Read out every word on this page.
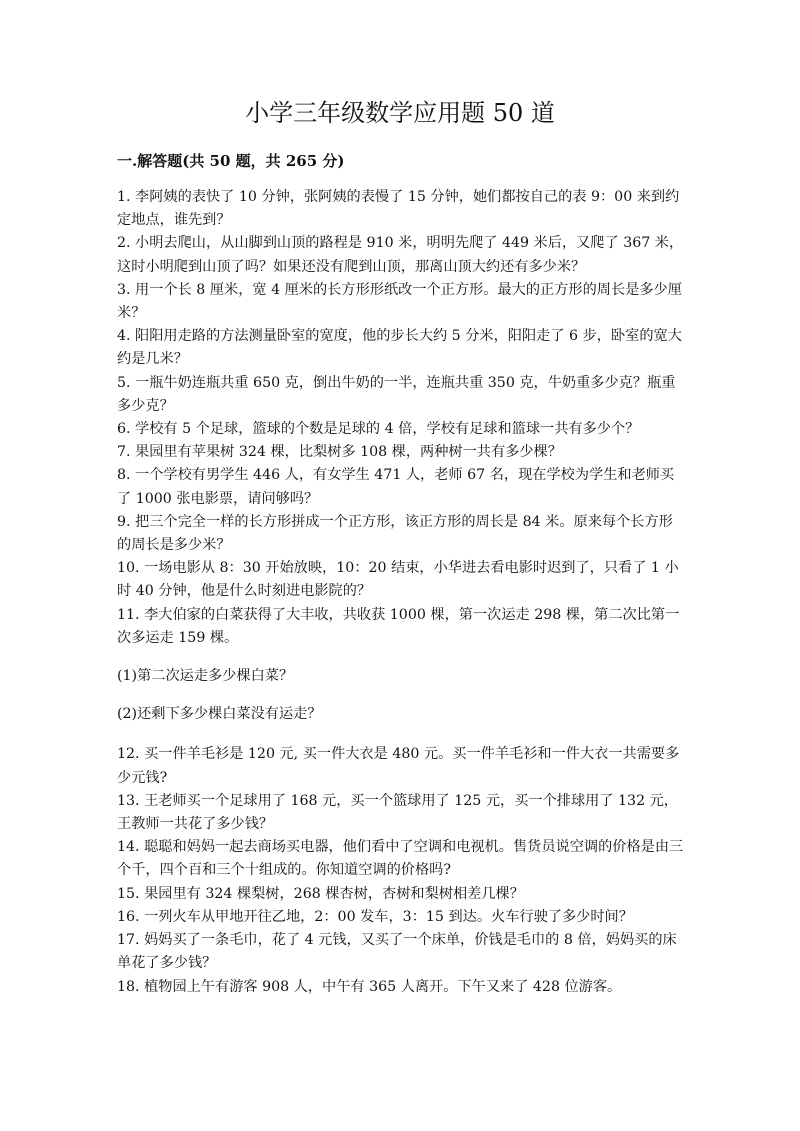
小学三年级数学应用题 50 道
一.解答题(共 50 题，共 265 分)

1. 李阿姨的表快了 10 分钟，张阿姨的表慢了 15 分钟，她们都按自己的表 9：00 来到约定地点，谁先到？

2. 小明去爬山，从山脚到山顶的路程是 910 米，明明先爬了 449 米后，又爬了 367 米，这时小明爬到山顶了吗？如果还没有爬到山顶，那离山顶大约还有多少米？

3. 用一个长 8 厘米，宽 4 厘米的长方形形纸改一个正方形。最大的正方形的周长是多少厘米？

4. 阳阳用走路的方法测量卧室的宽度，他的步长大约 5 分米，阳阳走了 6 步，卧室的宽大约是几米？

5. 一瓶牛奶连瓶共重 650 克，倒出牛奶的一半，连瓶共重 350 克，牛奶重多少克？瓶重多少克？

6. 学校有 5 个足球，篮球的个数是足球的 4 倍，学校有足球和篮球一共有多少个？

7. 果园里有苹果树 324 棵，比梨树多 108 棵，两种树一共有多少棵？

8. 一个学校有男学生 446 人，有女学生 471 人，老师 67 名，现在学校为学生和老师买了 1000 张电影票，请问够吗？

9. 把三个完全一样的长方形拼成一个正方形，该正方形的周长是 84 米。原来每个长方形的周长是多少米？

10. 一场电影从 8：30 开始放映，10：20 结束，小华进去看电影时迟到了，只看了 1 小时 40 分钟，他是什么时刻进电影院的？

11. 李大伯家的白菜获得了大丰收，共收获 1000 棵，第一次运走 298 棵，第二次比第一次多运走 159 棵。

(1)第二次运走多少棵白菜？

(2)还剩下多少棵白菜没有运走？

12. 买一件羊毛衫是 120 元, 买一件大衣是 480 元。买一件羊毛衫和一件大衣一共需要多少元钱?

13. 王老师买一个足球用了 168 元，买一个篮球用了 125 元，买一个排球用了 132 元，王教师一共花了多少钱？

14. 聪聪和妈妈一起去商场买电器，他们看中了空调和电视机。售货员说空调的价格是由三个千，四个百和三个十组成的。你知道空调的价格吗?

15. 果园里有 324 棵梨树，268 棵杏树，杏树和梨树相差几棵？

16. 一列火车从甲地开往乙地，2：00 发车，3：15 到达。火车行驶了多少时间？

17. 妈妈买了一条毛巾，花了 4 元钱，又买了一个床单，价钱是毛巾的 8 倍，妈妈买的床单花了多少钱？

18. 植物园上午有游客 908 人，中午有 365 人离开。下午又来了 428 位游客。
